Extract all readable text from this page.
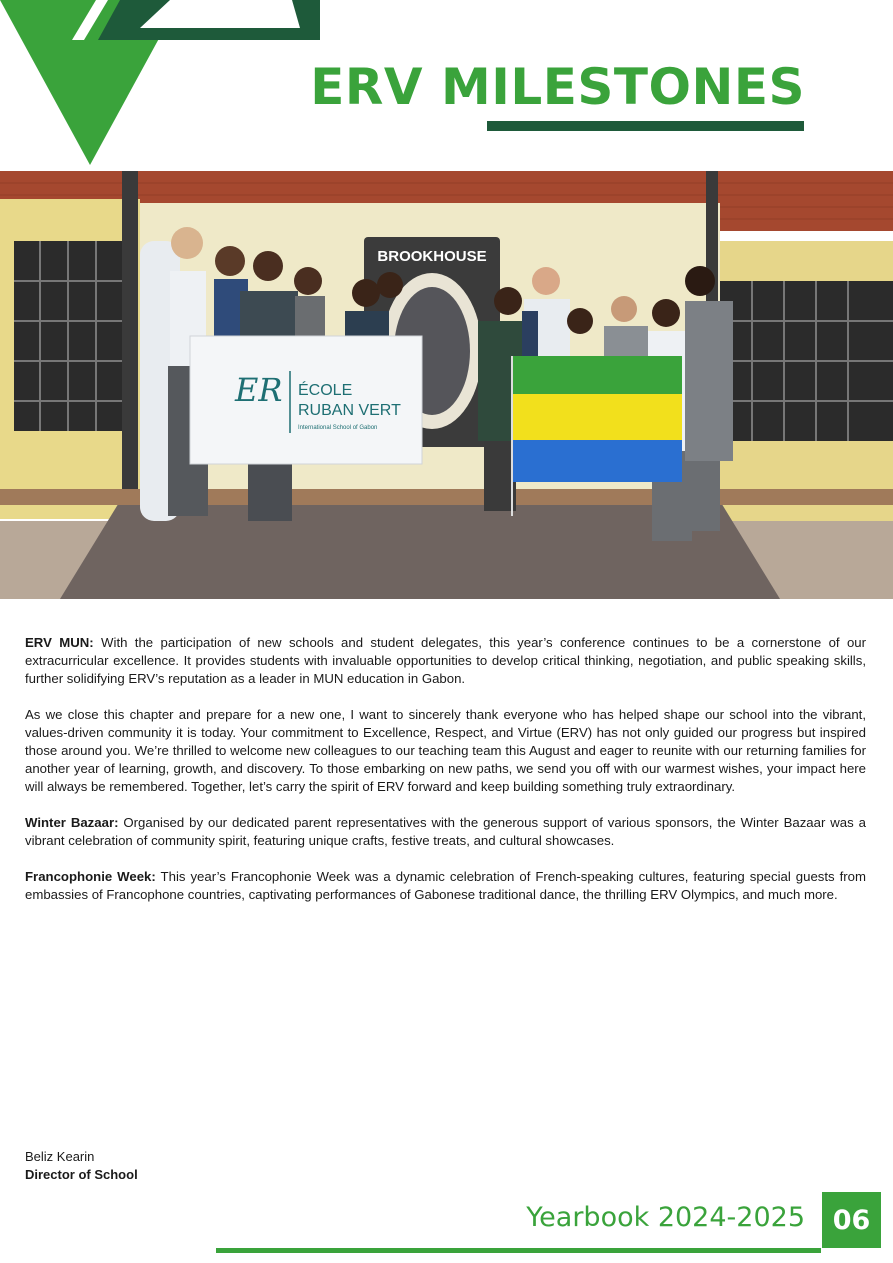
ERV MILESTONES
BROOKHOUSE
ER ÉCOLE
RUBAN VERT
International School of Gabon

ERV MUN: With the participation of new schools and student delegates, this year’s conference continues to be a cornerstone of our extracurricular excellence. It provides students with invaluable opportunities to develop critical thinking, negotiation, and public speaking skills, further solidifying ERV’s reputation as a leader in MUN education in Gabon.

As we close this chapter and prepare for a new one, I want to sincerely thank everyone who has helped shape our school into the vibrant, values-driven community it is today. Your commitment to Excellence, Respect, and Virtue (ERV) has not only guided our progress but inspired those around you. We’re thrilled to welcome new colleagues to our teaching team this August and eager to reunite with our returning families for another year of learning, growth, and discovery. To those embarking on new paths, we send you off with our warmest wishes, your impact here will always be remembered. Together, let’s carry the spirit of ERV forward and keep building something truly extraordinary.

Winter Bazaar: Organised by our dedicated parent representatives with the generous support of various sponsors, the Winter Bazaar was a vibrant celebration of community spirit, featuring unique crafts, festive treats, and cultural showcases.

Francophonie Week: This year’s Francophonie Week was a dynamic celebration of French-speaking cultures, featuring special guests from embassies of Francophone countries, captivating performances of Gabonese traditional dance, the thrilling ERV Olympics, and much more.

Beliz Kearin
Director of School
Yearbook 2024-2025	06
